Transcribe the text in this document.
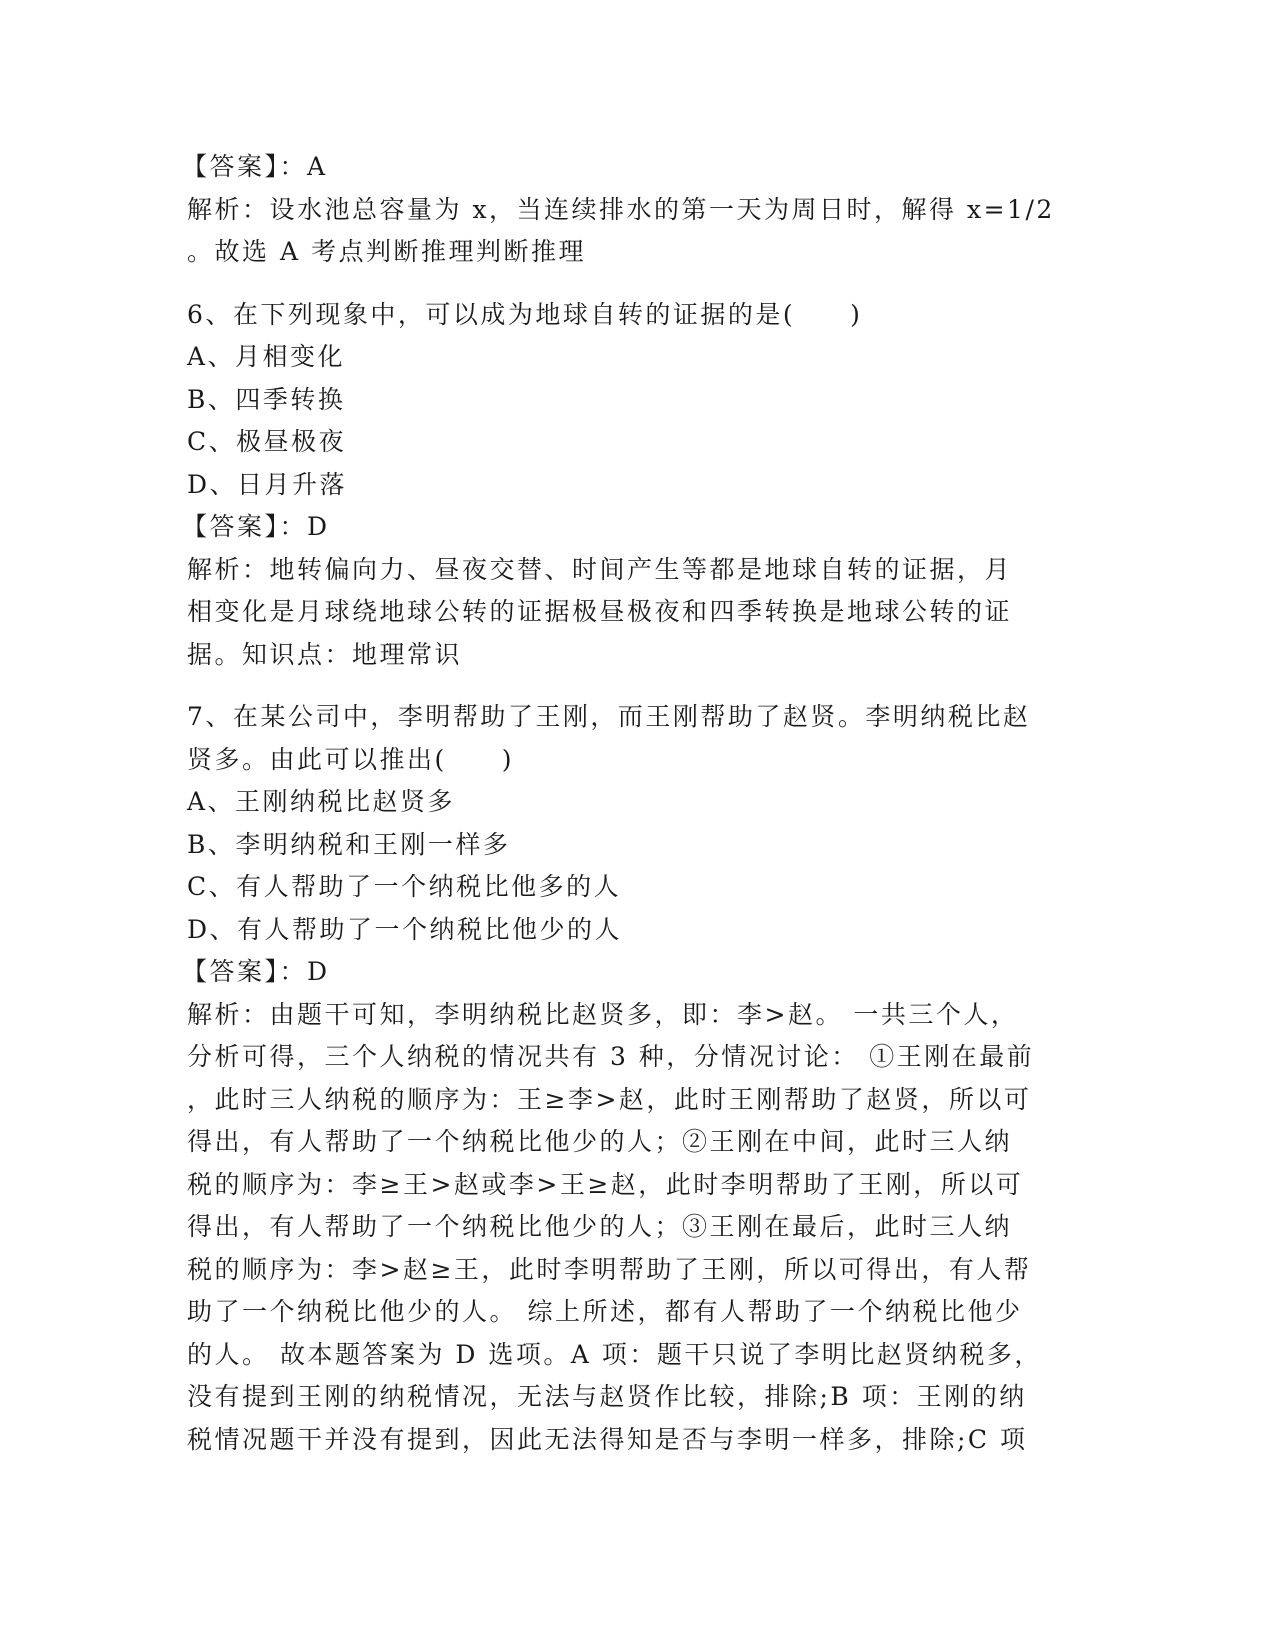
【答案】：A
解析：设水池总容量为 x，当连续排水的第一天为周日时，解得 x=1/2
。故选 A 考点判断推理判断推理
6、在下列现象中，可以成为地球自转的证据的是(　　)
A、月相变化
B、四季转换
C、极昼极夜
D、日月升落
【答案】：D
解析：地转偏向力、昼夜交替、时间产生等都是地球自转的证据，月
相变化是月球绕地球公转的证据极昼极夜和四季转换是地球公转的证
据。知识点：地理常识
7、在某公司中，李明帮助了王刚，而王刚帮助了赵贤。李明纳税比赵
贤多。由此可以推出(　　)
A、王刚纳税比赵贤多
B、李明纳税和王刚一样多
C、有人帮助了一个纳税比他多的人
D、有人帮助了一个纳税比他少的人
【答案】：D
解析：由题干可知，李明纳税比赵贤多，即：李>赵。 一共三个人，
分析可得，三个人纳税的情况共有 3 种，分情况讨论： ①王刚在最前
，此时三人纳税的顺序为：王≥李>赵，此时王刚帮助了赵贤，所以可
得出，有人帮助了一个纳税比他少的人；②王刚在中间，此时三人纳
税的顺序为：李≥王>赵或李>王≥赵，此时李明帮助了王刚，所以可
得出，有人帮助了一个纳税比他少的人；③王刚在最后，此时三人纳
税的顺序为：李>赵≥王，此时李明帮助了王刚，所以可得出，有人帮
助了一个纳税比他少的人。 综上所述，都有人帮助了一个纳税比他少
的人。 故本题答案为 D 选项。A 项：题干只说了李明比赵贤纳税多，
没有提到王刚的纳税情况，无法与赵贤作比较，排除;B 项：王刚的纳
税情况题干并没有提到，因此无法得知是否与李明一样多，排除;C 项
